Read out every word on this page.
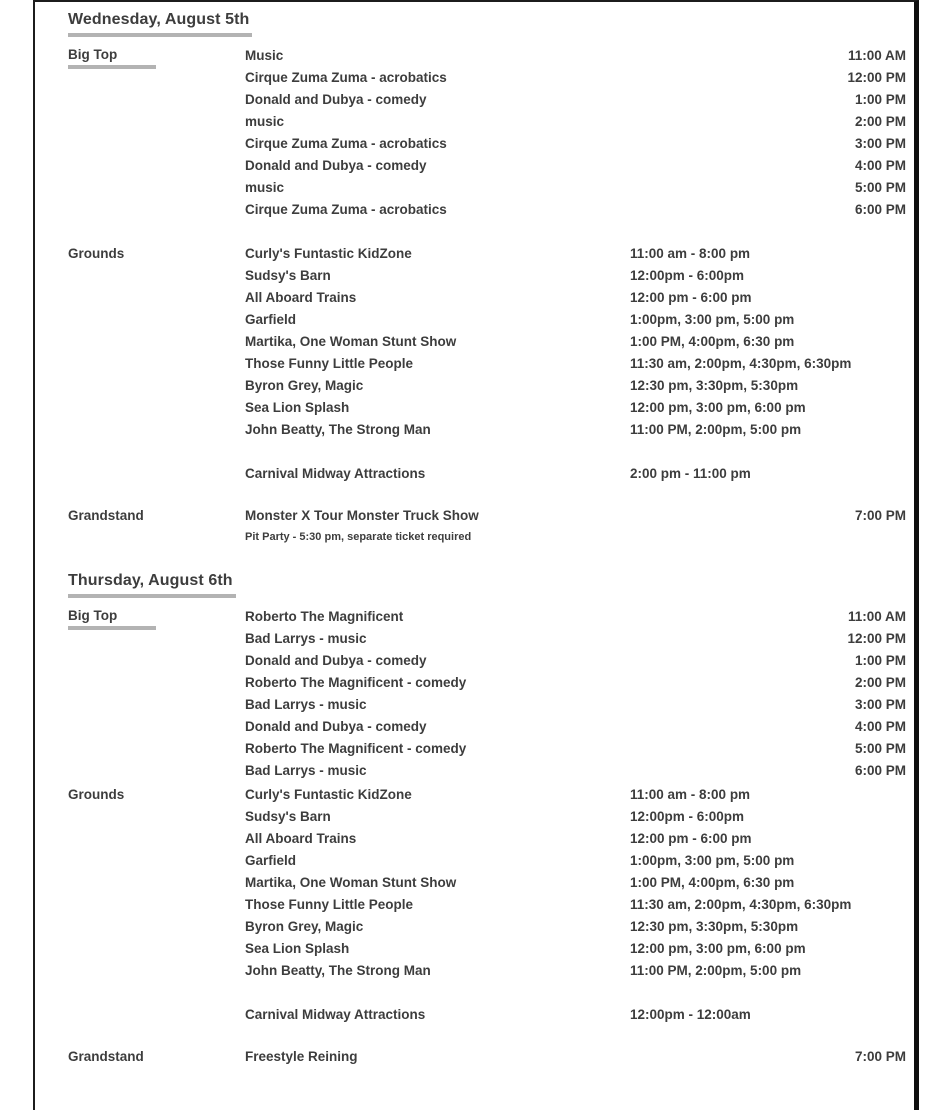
Wednesday, August 5th
Big Top	Music	11:00 AM
Cirque Zuma Zuma - acrobatics	12:00 PM
Donald and Dubya - comedy	1:00 PM
music	2:00 PM
Cirque Zuma Zuma - acrobatics	3:00 PM
Donald and Dubya - comedy	4:00 PM
music	5:00 PM
Cirque Zuma Zuma - acrobatics	6:00 PM
Grounds	Curly's Funtastic KidZone	11:00 am - 8:00 pm
Sudsy's Barn	12:00pm - 6:00pm
All Aboard Trains	12:00 pm - 6:00 pm
Garfield	1:00pm, 3:00 pm, 5:00 pm
Martika, One Woman Stunt Show	1:00 PM, 4:00pm, 6:30 pm
Those Funny Little People	11:30 am, 2:00pm, 4:30pm, 6:30pm
Byron Grey, Magic	12:30 pm, 3:30pm, 5:30pm
Sea Lion Splash	12:00 pm, 3:00 pm, 6:00 pm
John Beatty, The Strong Man	11:00 PM, 2:00pm, 5:00 pm
Carnival Midway Attractions	2:00 pm - 11:00 pm
Grandstand	Monster X Tour Monster Truck Show	7:00 PM
Pit Party - 5:30 pm, separate ticket required
Thursday, August 6th
Big Top	Roberto The Magnificent	11:00 AM
Bad Larrys - music	12:00 PM
Donald and Dubya - comedy	1:00 PM
Roberto The Magnificent - comedy	2:00 PM
Bad Larrys - music	3:00 PM
Donald and Dubya - comedy	4:00 PM
Roberto The Magnificent - comedy	5:00 PM
Bad Larrys - music	6:00 PM
Grounds	Curly's Funtastic KidZone	11:00 am - 8:00 pm
Sudsy's Barn	12:00pm - 6:00pm
All Aboard Trains	12:00 pm - 6:00 pm
Garfield	1:00pm, 3:00 pm, 5:00 pm
Martika, One Woman Stunt Show	1:00 PM, 4:00pm, 6:30 pm
Those Funny Little People	11:30 am, 2:00pm, 4:30pm, 6:30pm
Byron Grey, Magic	12:30 pm, 3:30pm, 5:30pm
Sea Lion Splash	12:00 pm, 3:00 pm, 6:00 pm
John Beatty, The Strong Man	11:00 PM, 2:00pm, 5:00 pm
Carnival Midway Attractions	12:00pm - 12:00am
Grandstand	Freestyle Reining	7:00 PM
